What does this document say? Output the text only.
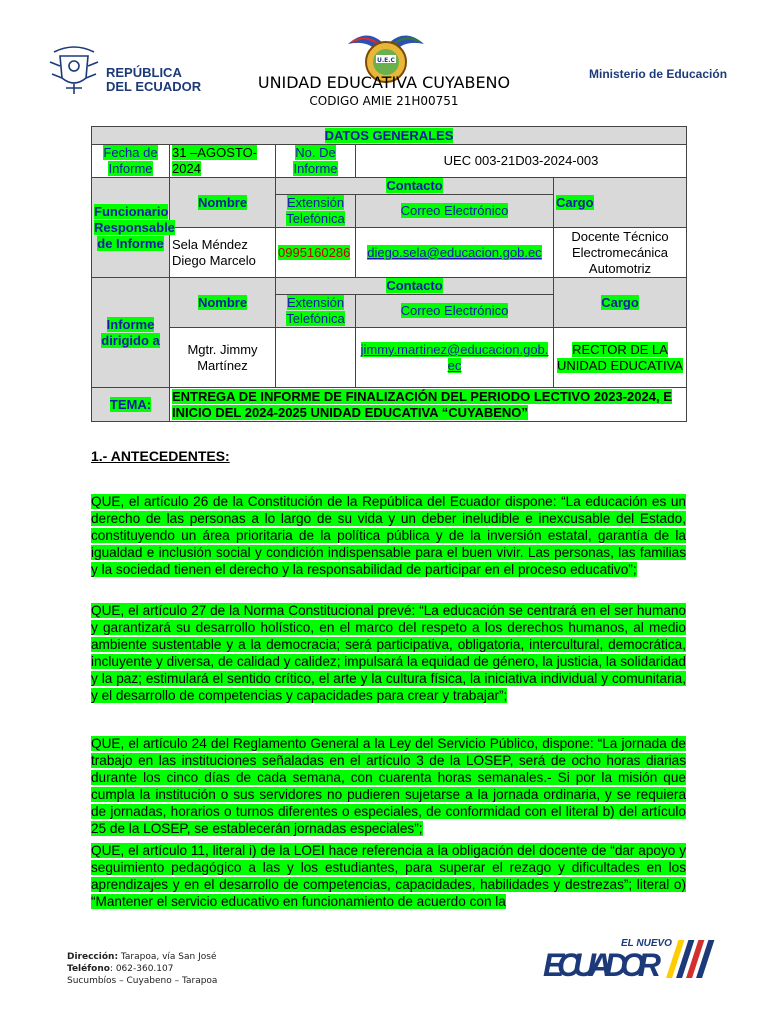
REPÚBLICA
DEL ECUADOR
U.E.C
UNIDAD EDUCATIVA CUYABENO
CODIGO AMIE 21H00751
Ministerio de Educación
DATOS GENERALES				
Fecha de Informe	31 –AGOSTO-2024	No. De Informe	UEC 003-21D03-2024-003	
Funcionario Responsable de Informe	Nombre	Contacto		Cargo
		Extensión Telefónica	Correo Electrónico	
	Sela Méndez Diego Marcelo	0995160286	diego.sela@educacion.gob.ec	Docente Técnico Electromecánica Automotriz
Informe dirigido a	Nombre	Contacto		Cargo
		Extensión Telefónica	Correo Electrónico	
	Mgtr. Jimmy Martínez		jimmy.martinez@educacion.gob.ec	RECTOR DE LA UNIDAD EDUCATIVA
TEMA:	ENTREGA DE INFORME DE FINALIZACIÓN DEL PERIODO LECTIVO 2023-2024, E INICIO DEL 2024-2025 UNIDAD EDUCATIVA “CUYABENO”			
1.- ANTECEDENTES:
QUE, el artículo 26 de la Constitución de la República del Ecuador dispone: “La educación es un derecho de las personas a lo largo de su vida y un deber ineludible e inexcusable del Estado, constituyendo un área prioritaria de la política pública y de la inversión estatal, garantía de la igualdad e inclusión social y condición indispensable para el buen vivir. Las personas, las familias y la sociedad tienen el derecho y la responsabilidad de participar en el proceso educativo”;
QUE, el artículo 27 de la Norma Constitucional prevé: “La educación se centrará en el ser humano y garantizará su desarrollo holístico, en el marco del respeto a los derechos humanos, al medio ambiente sustentable y a la democracia; será participativa, obligatoria, intercultural, democrática, incluyente y diversa, de calidad y calidez; impulsará la equidad de género, la justicia, la solidaridad y la paz; estimulará el sentido crítico, el arte y la cultura física, la iniciativa individual y comunitaria, y el desarrollo de competencias y capacidades para crear y trabajar”;
QUE, el artículo 24 del Reglamento General a la Ley del Servicio Público, dispone: “La jornada de trabajo en las instituciones señaladas en el artículo 3 de la LOSEP, será de ocho horas diarias durante los cinco días de cada semana, con cuarenta horas semanales.- Si por la misión que cumpla la institución o sus servidores no pudieren sujetarse a la jornada ordinaria, y se requiera de jornadas, horarios o turnos diferentes o especiales, de conformidad con el literal b) del artículo 25 de la LOSEP, se establecerán jornadas especiales”;
QUE, el artículo 11, literal i) de la LOEI hace referencia a la obligación del docente de “dar apoyo y seguimiento pedagógico a las y los estudiantes, para superar el rezago y dificultades en los aprendizajes y en el desarrollo de competencias, capacidades, habilidades y destrezas”; literal o) “Mantener el servicio educativo en funcionamiento de acuerdo con la
Dirección: Tarapoa, vía San José
Teléfono: 062-360.107
Sucumbíos – Cuyabeno – Tarapoa
EL NUEVO
ECUADOR
